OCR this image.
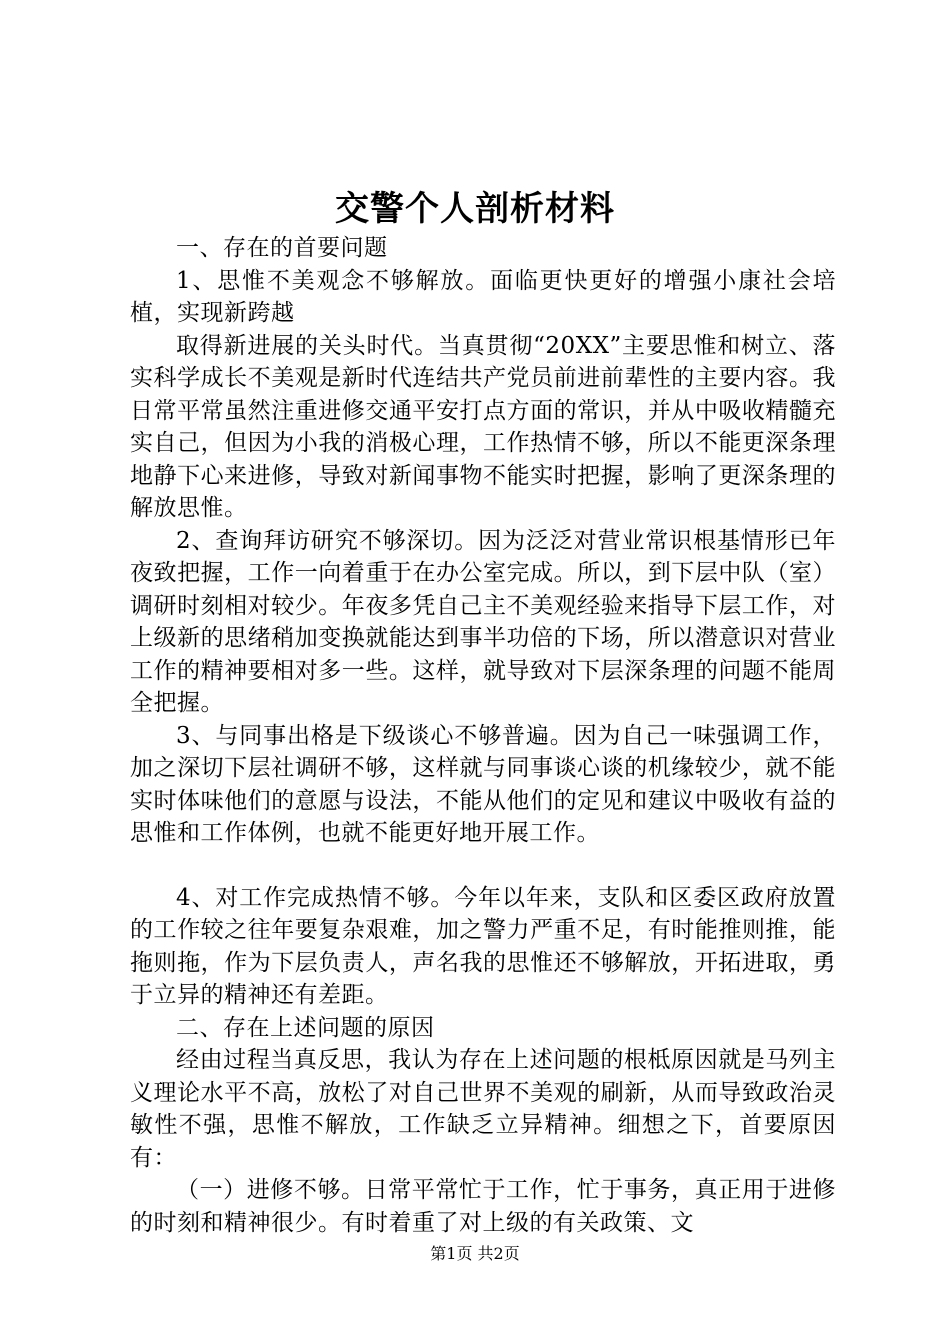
交警个人剖析材料

一、存在的首要问题

1、思惟不美观念不够解放。面临更快更好的增强小康社会培植，实现新跨越

取得新进展的关头时代。当真贯彻“20XX”主要思惟和树立、落实科学成长不美观是新时代连结共产党员前进前辈性的主要内容。我日常平常虽然注重进修交通平安打点方面的常识，并从中吸收精髓充实自己，但因为小我的消极心理，工作热情不够，所以不能更深条理地静下心来进修，导致对新闻事物不能实时把握，影响了更深条理的解放思惟。

2、查询拜访研究不够深切。因为泛泛对营业常识根基情形已年夜致把握，工作一向着重于在办公室完成。所以，到下层中队（室）调研时刻相对较少。年夜多凭自己主不美观经验来指导下层工作，对上级新的思绪稍加变换就能达到事半功倍的下场，所以潜意识对营业工作的精神要相对多一些。这样，就导致对下层深条理的问题不能周全把握。

3、与同事出格是下级谈心不够普遍。因为自己一味强调工作，加之深切下层社调研不够，这样就与同事谈心谈的机缘较少，就不能实时体味他们的意愿与设法，不能从他们的定见和建议中吸收有益的思惟和工作体例，也就不能更好地开展工作。

4、对工作完成热情不够。今年以年来，支队和区委区政府放置的工作较之往年要复杂艰难，加之警力严重不足，有时能推则推，能拖则拖，作为下层负责人，声名我的思惟还不够解放，开拓进取，勇于立异的精神还有差距。

二、存在上述问题的原因

经由过程当真反思，我认为存在上述问题的根柢原因就是马列主义理论水平不高，放松了对自己世界不美观的刷新，从而导致政治灵敏性不强，思惟不解放，工作缺乏立异精神。细想之下，首要原因有：

（一）进修不够。日常平常忙于工作，忙于事务，真正用于进修的时刻和精神很少。有时着重了对上级的有关政策、文

第1页 共2页
